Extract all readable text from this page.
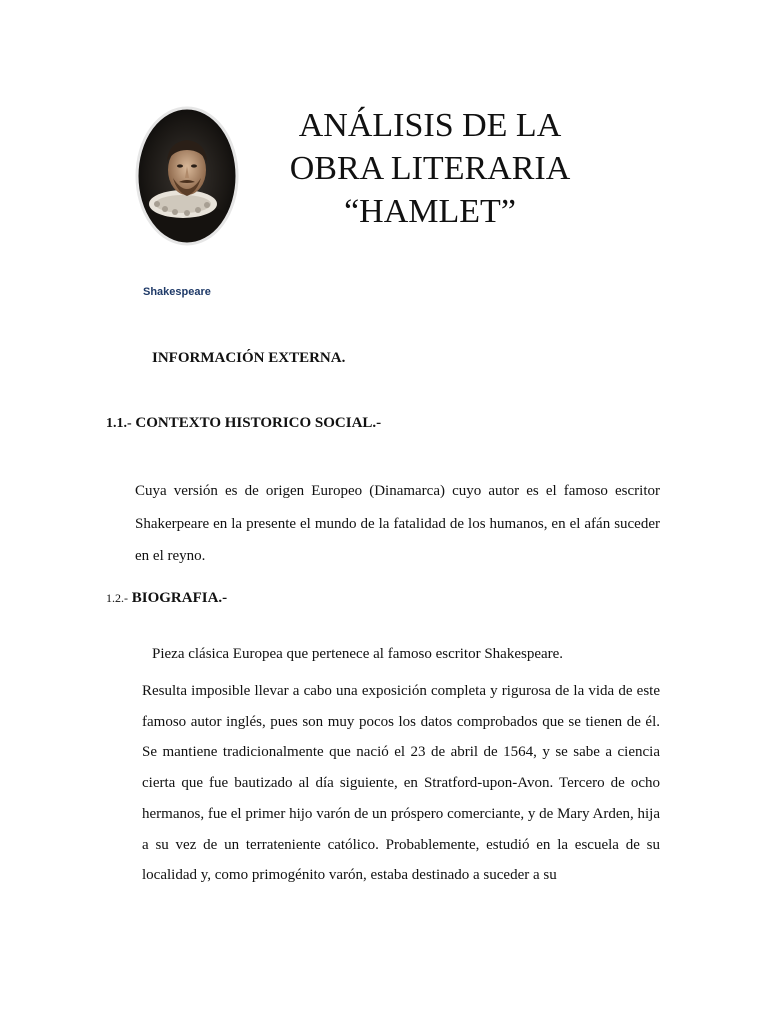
Shakespeare
ANÁLISIS DE LA
OBRA LITERARIA
“HAMLET”
INFORMACIÓN EXTERNA.
1.1.- CONTEXTO HISTORICO SOCIAL.-
Cuya versión es de origen Europeo (Dinamarca) cuyo autor es el famoso escritor Shakerpeare en la presente el mundo de la fatalidad de los humanos, en el afán suceder en el reyno.
1.2.- BIOGRAFIA.-
Pieza clásica Europea que pertenece al famoso escritor Shakespeare.
Resulta imposible llevar a cabo una exposición completa y rigurosa de la vida de este famoso autor inglés, pues son muy pocos los datos comprobados que se tienen de él. Se mantiene tradicionalmente que nació el 23 de abril de 1564, y se sabe a ciencia cierta que fue bautizado al día siguiente, en Stratford-upon-Avon. Tercero de ocho hermanos, fue el primer hijo varón de un próspero comerciante, y de Mary Arden, hija a su vez de un terrateniente católico. Probablemente, estudió en la escuela de su localidad y, como primogénito varón, estaba destinado a suceder a su
